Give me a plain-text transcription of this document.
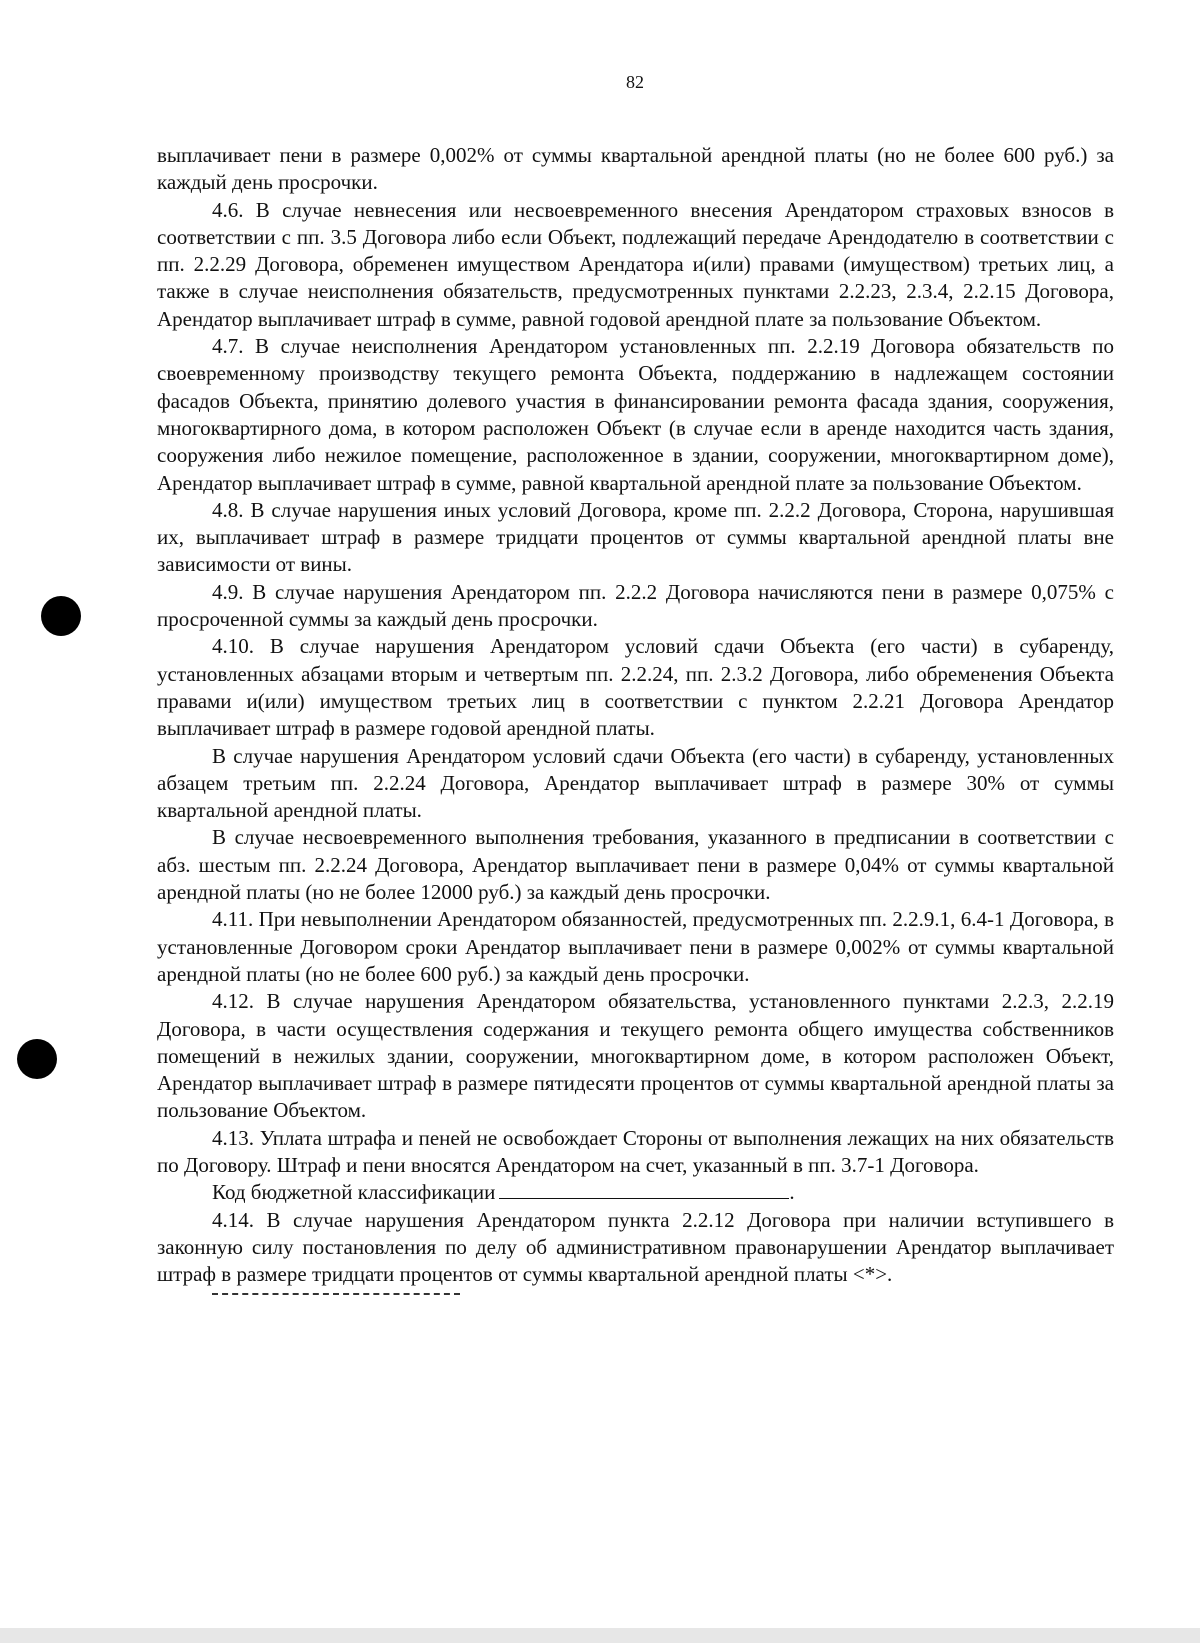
82

выплачивает пени в размере 0,002% от суммы квартальной арендной платы (но не более 600 руб.) за каждый день просрочки.

4.6. В случае невнесения или несвоевременного внесения Арендатором страховых взносов в соответствии с пп. 3.5 Договора либо если Объект, подлежащий передаче Арендодателю в соответствии с пп. 2.2.29 Договора, обременен имуществом Арендатора и(или) правами (имуществом) третьих лиц, а также в случае неисполнения обязательств, предусмотренных пунктами 2.2.23, 2.3.4, 2.2.15 Договора, Арендатор выплачивает штраф в сумме, равной годовой арендной плате за пользование Объектом.

4.7. В случае неисполнения Арендатором установленных пп. 2.2.19 Договора обязательств по своевременному производству текущего ремонта Объекта, поддержанию в надлежащем состоянии фасадов Объекта, принятию долевого участия в финансировании ремонта фасада здания, сооружения, многоквартирного дома, в котором расположен Объект (в случае если в аренде находится часть здания, сооружения либо нежилое помещение, расположенное в здании, сооружении, многоквартирном доме), Арендатор выплачивает штраф в сумме, равной квартальной арендной плате за пользование Объектом.

4.8. В случае нарушения иных условий Договора, кроме пп. 2.2.2 Договора, Сторона, нарушившая их, выплачивает штраф в размере тридцати процентов от суммы квартальной арендной платы вне зависимости от вины.

4.9. В случае нарушения Арендатором пп. 2.2.2 Договора начисляются пени в размере 0,075% с просроченной суммы за каждый день просрочки.

4.10. В случае нарушения Арендатором условий сдачи Объекта (его части) в субаренду, установленных абзацами вторым и четвертым пп. 2.2.24, пп. 2.3.2 Договора, либо обременения Объекта правами и(или) имуществом третьих лиц в соответствии с пунктом 2.2.21 Договора Арендатор выплачивает штраф в размере годовой арендной платы.

В случае нарушения Арендатором условий сдачи Объекта (его части) в субаренду, установленных абзацем третьим пп. 2.2.24 Договора, Арендатор выплачивает штраф в размере 30% от суммы квартальной арендной платы.

В случае несвоевременного выполнения требования, указанного в предписании в соответствии с абз. шестым пп. 2.2.24 Договора, Арендатор выплачивает пени в размере 0,04% от суммы квартальной арендной платы (но не более 12000 руб.) за каждый день просрочки.

4.11. При невыполнении Арендатором обязанностей, предусмотренных пп. 2.2.9.1, 6.4-1 Договора, в установленные Договором сроки Арендатор выплачивает пени в размере 0,002% от суммы квартальной арендной платы (но не более 600 руб.) за каждый день просрочки.

4.12. В случае нарушения Арендатором обязательства, установленного пунктами 2.2.3, 2.2.19 Договора, в части осуществления содержания и текущего ремонта общего имущества собственников помещений в нежилых здании, сооружении, многоквартирном доме, в котором расположен Объект, Арендатор выплачивает штраф в размере пятидесяти процентов от суммы квартальной арендной платы за пользование Объектом.

4.13. Уплата штрафа и пеней не освобождает Стороны от выполнения лежащих на них обязательств по Договору. Штраф и пени вносятся Арендатором на счет, указанный в пп. 3.7-1 Договора.

Код бюджетной классификации	.

4.14. В случае нарушения Арендатором пункта 2.2.12 Договора при наличии вступившего в законную силу постановления по делу об административном правонарушении Арендатор выплачивает штраф в размере тридцати процентов от суммы квартальной арендной платы <*>.
